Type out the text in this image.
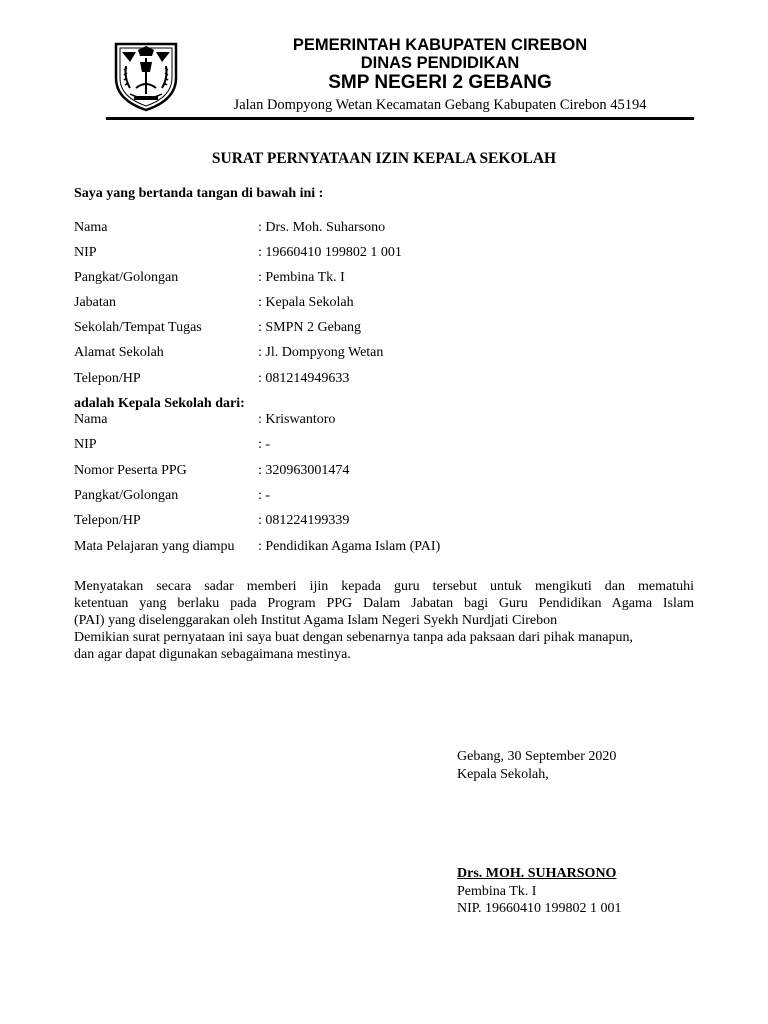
PEMERINTAH KABUPATEN CIREBON
DINAS PENDIDIKAN
SMP NEGERI 2 GEBANG
Jalan Dompyong Wetan Kecamatan Gebang Kabupaten Cirebon 45194
SURAT PERNYATAAN IZIN KEPALA SEKOLAH
Saya yang bertanda tangan di bawah ini :
Nama	: Drs. Moh. Suharsono
NIP	: 19660410 199802 1 001
Pangkat/Golongan	: Pembina Tk. I
Jabatan	: Kepala Sekolah
Sekolah/Tempat Tugas	: SMPN 2 Gebang
Alamat Sekolah	: Jl. Dompyong Wetan
Telepon/HP	: 081214949633
adalah Kepala Sekolah dari:
Nama	: Kriswantoro
NIP	: -
Nomor Peserta PPG	: 320963001474
Pangkat/Golongan	: -
Telepon/HP	: 081224199339
Mata Pelajaran yang diampu : Pendidikan Agama Islam (PAI)
Menyatakan secara sadar memberi ijin kepada guru tersebut untuk mengikuti dan mematuhi
ketentuan yang berlaku pada Program PPG Dalam Jabatan bagi Guru Pendidikan Agama Islam
(PAI) yang diselenggarakan oleh Institut Agama Islam Negeri Syekh Nurdjati Cirebon
Demikian surat pernyataan ini saya buat dengan sebenarnya tanpa ada paksaan dari pihak manapun,
dan agar dapat digunakan sebagaimana mestinya.
Gebang, 30 September 2020
Kepala Sekolah,
Drs. MOH. SUHARSONO
Pembina Tk. I
NIP. 19660410 199802 1 001
